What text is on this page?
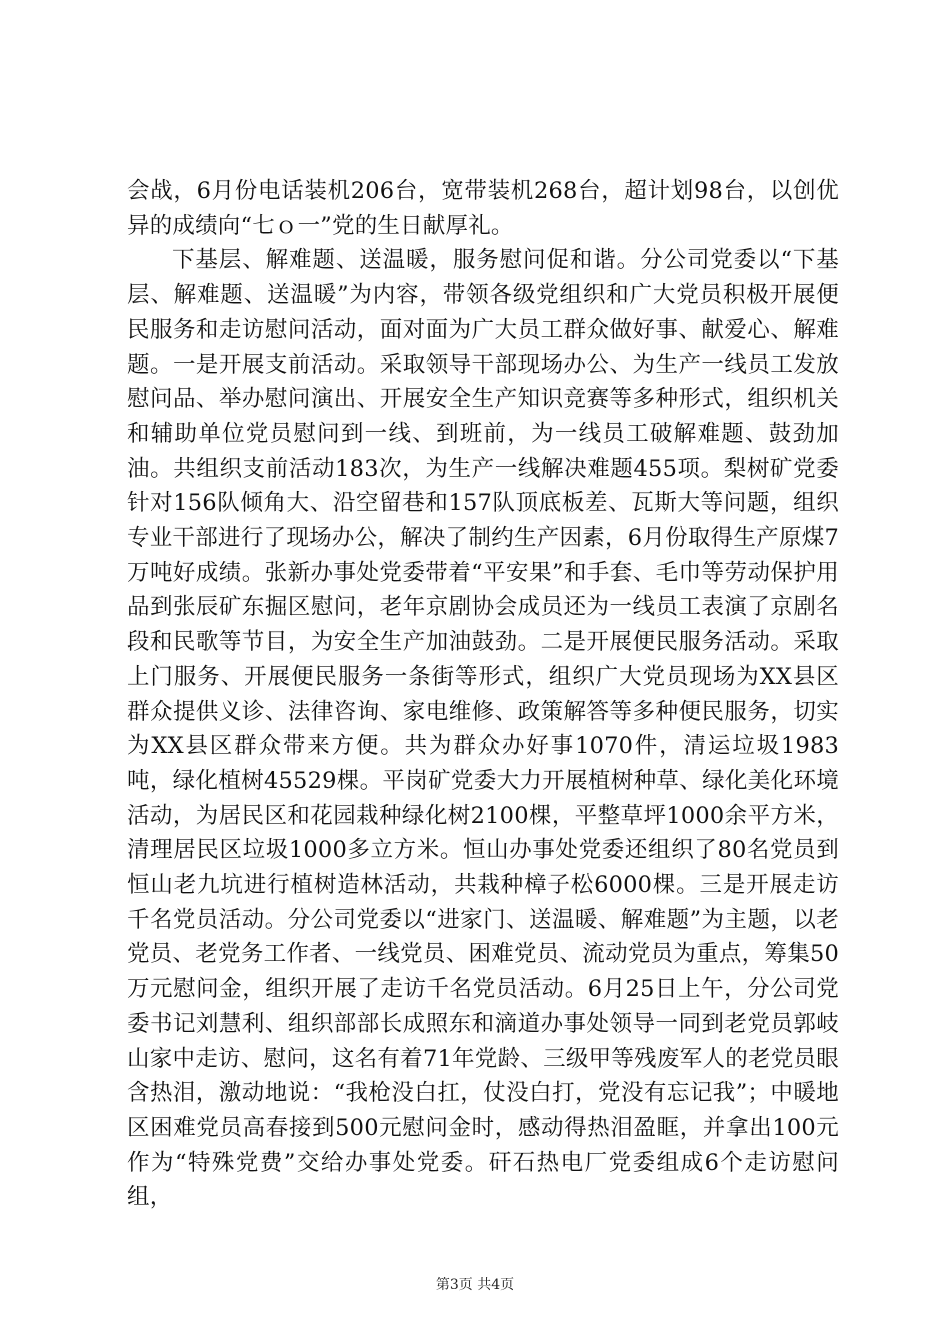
会战，6月份电话装机206台，宽带装机268台，超计划98台，以创优异的成绩向“七ｏ一”党的生日献厚礼。

下基层、解难题、送温暖，服务慰问促和谐。分公司党委以“下基层、解难题、送温暖”为内容，带领各级党组织和广大党员积极开展便民服务和走访慰问活动，面对面为广大员工群众做好事、献爱心、解难题。一是开展支前活动。采取领导干部现场办公、为生产一线员工发放慰问品、举办慰问演出、开展安全生产知识竞赛等多种形式，组织机关和辅助单位党员慰问到一线、到班前，为一线员工破解难题、鼓劲加油。共组织支前活动183次，为生产一线解决难题455项。梨树矿党委针对156队倾角大、沿空留巷和157队顶底板差、瓦斯大等问题，组织专业干部进行了现场办公，解决了制约生产因素，6月份取得生产原煤7万吨好成绩。张新办事处党委带着“平安果”和手套、毛巾等劳动保护用品到张辰矿东掘区慰问，老年京剧协会成员还为一线员工表演了京剧名段和民歌等节目，为安全生产加油鼓劲。二是开展便民服务活动。采取上门服务、开展便民服务一条街等形式，组织广大党员现场为XX县区群众提供义诊、法律咨询、家电维修、政策解答等多种便民服务，切实为XX县区群众带来方便。共为群众办好事1070件，清运垃圾1983吨，绿化植树45529棵。平岗矿党委大力开展植树种草、绿化美化环境活动，为居民区和花园栽种绿化树2100棵，平整草坪1000余平方米，清理居民区垃圾1000多立方米。恒山办事处党委还组织了80名党员到恒山老九坑进行植树造林活动，共栽种樟子松6000棵。三是开展走访千名党员活动。分公司党委以“进家门、送温暖、解难题”为主题，以老党员、老党务工作者、一线党员、困难党员、流动党员为重点，筹集50万元慰问金，组织开展了走访千名党员活动。6月25日上午，分公司党委书记刘慧利、组织部部长成照东和滴道办事处领导一同到老党员郭岐山家中走访、慰问，这名有着71年党龄、三级甲等残废军人的老党员眼含热泪，激动地说：“我枪没白扛，仗没白打，党没有忘记我”；中暖地区困难党员高春接到500元慰问金时，感动得热泪盈眶，并拿出100元作为“特殊党费”交给办事处党委。矸石热电厂党委组成6个走访慰问组，

第3页 共4页
